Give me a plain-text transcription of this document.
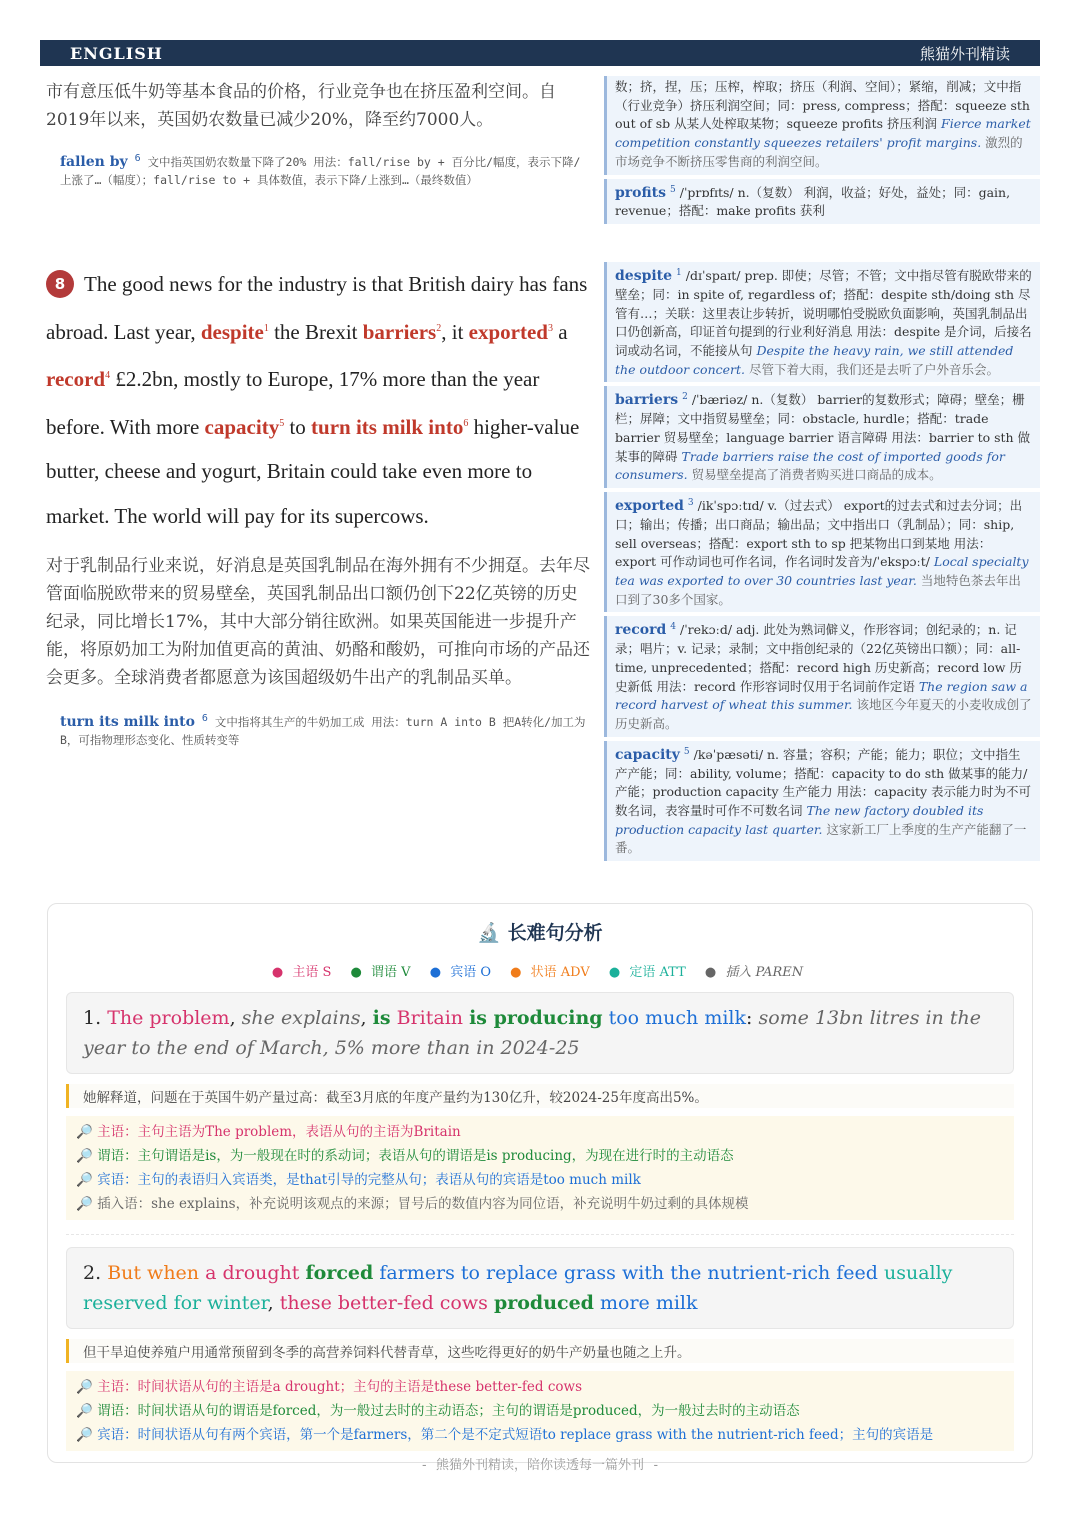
ENGLISH	熊猫外刊精读

市有意压低牛奶等基本食品的价格，行业竞争也在挤压盈利空间。自2019年以来，英国奶农数量已减少20%，降至约7000人。

fallen by $^6$ 文中指英国奶农数量下降了20% 用法：fall/rise by + 百分比/幅度，表示下降/上涨了…（幅度）；fall/rise to + 具体数值，表示下降/上涨到…（最终数值）
数；挤，捏，压；压榨，榨取；挤压（利润、空间）；紧缩，削减；文中指（行业竞争）挤压利润空间；同：press, compress；搭配：squeeze sth out of sb 从某人处榨取某物；squeeze profits 挤压利润 Fierce market competition constantly squeezes retailers' profit margins. 激烈的市场竞争不断挤压零售商的利润空间。
profits $^5$ /ˈprɒfɪts/ n.（复数） 利润，收益；好处，益处；同：gain, revenue；搭配：make profits 获利

8 The good news for the industry is that British dairy has fans abroad. Last year, despite$^1$ the Brexit barriers$^2$, it exported$^3$ a record$^4$ £2.2bn, mostly to Europe, 17% more than the year before. With more capacity$^5$ to turn its milk into$^6$ higher-value butter, cheese and yogurt, Britain could take even more to market. The world will pay for its supercows.

对于乳制品行业来说，好消息是英国乳制品在海外拥有不少拥趸。去年尽管面临脱欧带来的贸易壁垒，英国乳制品出口额仍创下22亿英镑的历史纪录，同比增长17%，其中大部分销往欧洲。如果英国能进一步提升产能，将原奶加工为附加值更高的黄油、奶酪和酸奶，可推向市场的产品还会更多。全球消费者都愿意为该国超级奶牛出产的乳制品买单。

turn its milk into $^6$ 文中指将其生产的牛奶加工成 用法：turn A into B 把A转化/加工为B，可指物理形态变化、性质转变等
despite $^1$ /dɪˈspaɪt/ prep. 即使；尽管；不管；文中指尽管有脱欧带来的壁垒；同：in spite of, regardless of；搭配：despite sth/doing sth 尽管有…；关联：这里表让步转折，说明哪怕受脱欧负面影响，英国乳制品出口仍创新高，印证首句提到的行业利好消息 用法：despite 是介词，后接名词或动名词，不能接从句 Despite the heavy rain, we still attended the outdoor concert. 尽管下着大雨，我们还是去听了户外音乐会。
barriers $^2$ /ˈbæriəz/ n.（复数） barrier的复数形式；障碍；壁垒；栅栏；屏障；文中指贸易壁垒；同：obstacle, hurdle；搭配：trade barrier 贸易壁垒；language barrier 语言障碍 用法：barrier to sth 做某事的障碍 Trade barriers raise the cost of imported goods for consumers. 贸易壁垒提高了消费者购买进口商品的成本。
exported $^3$ /ikˈspɔːtɪd/ v.（过去式） export的过去式和过去分词；出口；输出；传播；出口商品；输出品；文中指出口（乳制品）；同：ship, sell overseas；搭配：export sth to sp 把某物出口到某地 用法：export 可作动词也可作名词，作名词时发音为/ˈekspɔːt/ Local specialty tea was exported to over 30 countries last year. 当地特色茶去年出口到了30多个国家。
record $^4$ /ˈrekɔːd/ adj. 此处为熟词僻义，作形容词；创纪录的；n. 记录；唱片；v. 记录；录制；文中指创纪录的（22亿英镑出口额）；同：all-time, unprecedented；搭配：record high 历史新高；record low 历史新低 用法：record 作形容词时仅用于名词前作定语 The region saw a record harvest of wheat this summer. 该地区今年夏天的小麦收成创了历史新高。
capacity $^5$ /kəˈpæsəti/ n. 容量；容积；产能；能力；职位；文中指生产产能；同：ability, volume；搭配：capacity to do sth 做某事的能力/产能；production capacity 生产能力 用法：capacity 表示能力时为不可数名词，表容量时可作不可数名词 The new factory doubled its production capacity last quarter. 这家新工厂上季度的生产产能翻了一番。
🔬 长难句分析
● 主语 S ● 谓语 V ● 宾语 O ● 状语 ADV ● 定语 ATT ● 插入 PAREN
1. The problem, she explains, is Britain is producing too much milk: some 13bn litres in the year to the end of March, 5% more than in 2024-25
她解释道，问题在于英国牛奶产量过高：截至3月底的年度产量约为130亿升，较2024-25年度高出5%。
🔎 主语：主句主语为The problem，表语从句的主语为Britain
🔎 谓语：主句谓语是is，为一般现在时的系动词；表语从句的谓语是is producing，为现在进行时的主动语态
🔎 宾语：主句的表语归入宾语类，是that引导的完整从句；表语从句的宾语是too much milk
🔎 插入语：she explains，补充说明该观点的来源；冒号后的数值内容为同位语，补充说明牛奶过剩的具体规模
2. But when a drought forced farmers to replace grass with the nutrient-rich feed usually reserved for winter, these better-fed cows produced more milk
但干旱迫使养殖户用通常预留到冬季的高营养饲料代替青草，这些吃得更好的奶牛产奶量也随之上升。
🔎 主语：时间状语从句的主语是a drought；主句的主语是these better-fed cows
🔎 谓语：时间状语从句的谓语是forced，为一般过去时的主动语态；主句的谓语是produced，为一般过去时的主动语态
🔎 宾语：时间状语从句有两个宾语，第一个是farmers，第二个是不定式短语to replace grass with the nutrient-rich feed；主句的宾语是
- 熊猫外刊精读，陪你读透每一篇外刊 -
